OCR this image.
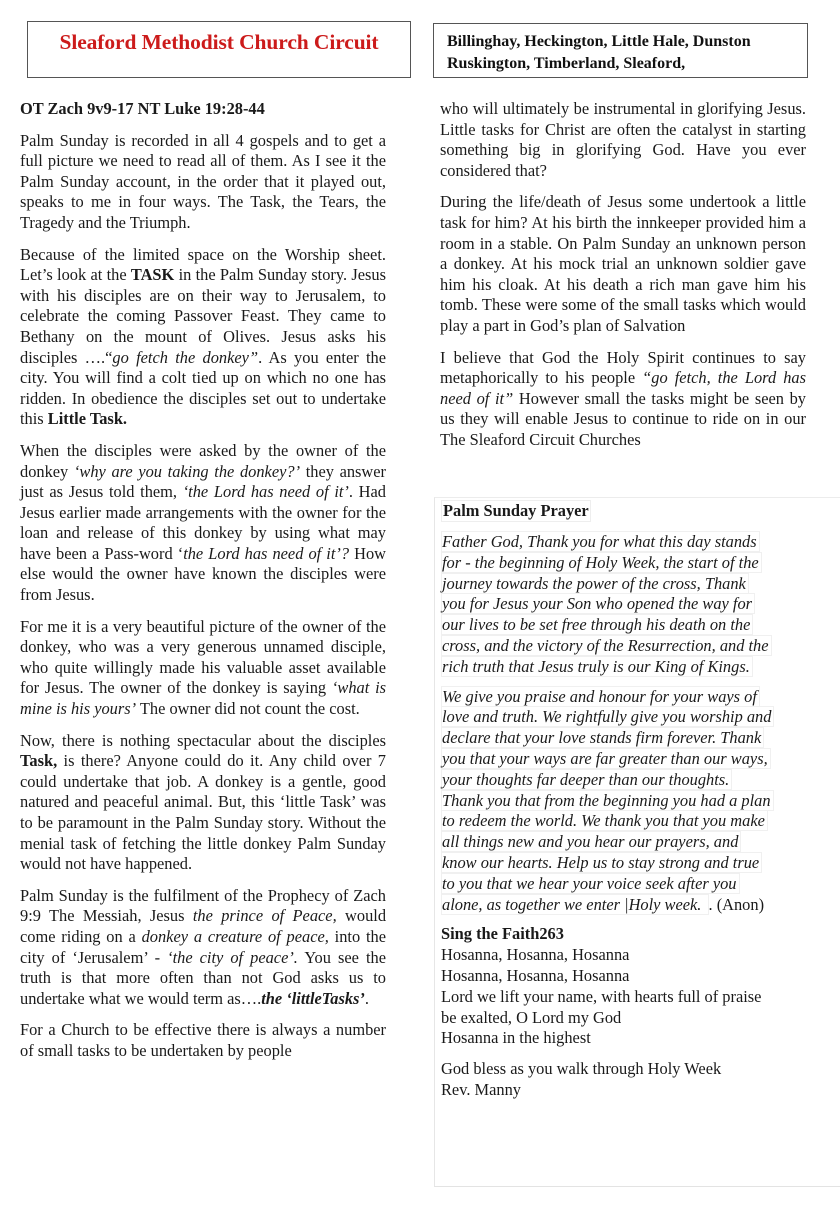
Sleaford Methodist Church Circuit	Billinghay, Heckington, Little Hale, Dunston
Ruskington, Timberland, Sleaford,

OT Zach 9v9-17 NT Luke 19:28-44

Palm Sunday is recorded in all 4 gospels and to get a full picture we need to read all of them. As I see it the Palm Sunday account, in the order that it played out, speaks to me in four ways. The Task, the Tears, the Tragedy and the Triumph.

Because of the limited space on the Worship sheet. Let’s look at the TASK in the Palm Sunday story. Jesus with his disciples are on their way to Jerusalem, to celebrate the coming Passover Feast. They came to Bethany on the mount of Olives. Jesus asks his disciples ….“go fetch the donkey”. As you enter the city. You will find a colt tied up on which no one has ridden. In obedience the disciples set out to undertake this Little Task.

When the disciples were asked by the owner of the donkey ‘why are you taking the donkey?’ they answer just as Jesus told them, ‘the Lord has need of it’. Had Jesus earlier made arrangements with the owner for the loan and release of this donkey by using what may have been a Pass-word ‘the Lord has need of it’? How else would the owner have known the disciples were from Jesus.

For me it is a very beautiful picture of the owner of the donkey, who was a very generous unnamed disciple, who quite willingly made his valuable asset available for Jesus. The owner of the donkey is saying ‘what is mine is his yours’ The owner did not count the cost.

Now, there is nothing spectacular about the disciples Task, is there? Anyone could do it. Any child over 7 could undertake that job. A donkey is a gentle, good natured and peaceful animal. But, this ‘little Task’ was to be paramount in the Palm Sunday story. Without the menial task of fetching the little donkey Palm Sunday would not have happened.

Palm Sunday is the fulfilment of the Prophecy of Zach 9:9 The Messiah, Jesus the prince of Peace, would come riding on a donkey a creature of peace, into the city of ‘Jerusalem’ - ‘the city of peace’. You see the truth is that more often than not God asks us to undertake what we would term as….the ‘littleTasks’.

For a Church to be effective there is always a number of small tasks to be undertaken by people

who will ultimately be instrumental in glorifying Jesus. Little tasks for Christ are often the catalyst in starting something big in glorifying God. Have you ever considered that?

During the life/death of Jesus some undertook a little task for him? At his birth the innkeeper provided him a room in a stable. On Palm Sunday an unknown person a donkey. At his mock trial an unknown soldier gave him his cloak. At his death a rich man gave him his tomb. These were some of the small tasks which would play a part in God’s plan of Salvation

I believe that God the Holy Spirit continues to say metaphorically to his people “go fetch, the Lord has need of it” However small the tasks might be seen by us they will enable Jesus to continue to ride on in our The Sleaford Circuit Churches

Palm Sunday Prayer
Father God, Thank you for what this day stands
for - the beginning of Holy Week, the start of the
journey towards the power of the cross, Thank
you for Jesus your Son who opened the way for
our lives to be set free through his death on the
cross, and the victory of the Resurrection, and the
rich truth that Jesus truly is our King of Kings.
We give you praise and honour for your ways of
love and truth. We rightfully give you worship and
declare that your love stands firm forever. Thank
you that your ways are far greater than our ways,
your thoughts far deeper than our thoughts.
Thank you that from the beginning you had a plan
to redeem the world. We thank you that you make
all things new and you hear our prayers, and
know our hearts. Help us to stay strong and true
to you that we hear your voice seek after you
alone, as together we enter |Holy week. . (Anon)
Sing the Faith263
Hosanna, Hosanna, Hosanna
Hosanna, Hosanna, Hosanna
Lord we lift your name, with hearts full of praise
be exalted, O Lord my God
Hosanna in the highest
God bless as you walk through Holy Week
Rev. Manny
